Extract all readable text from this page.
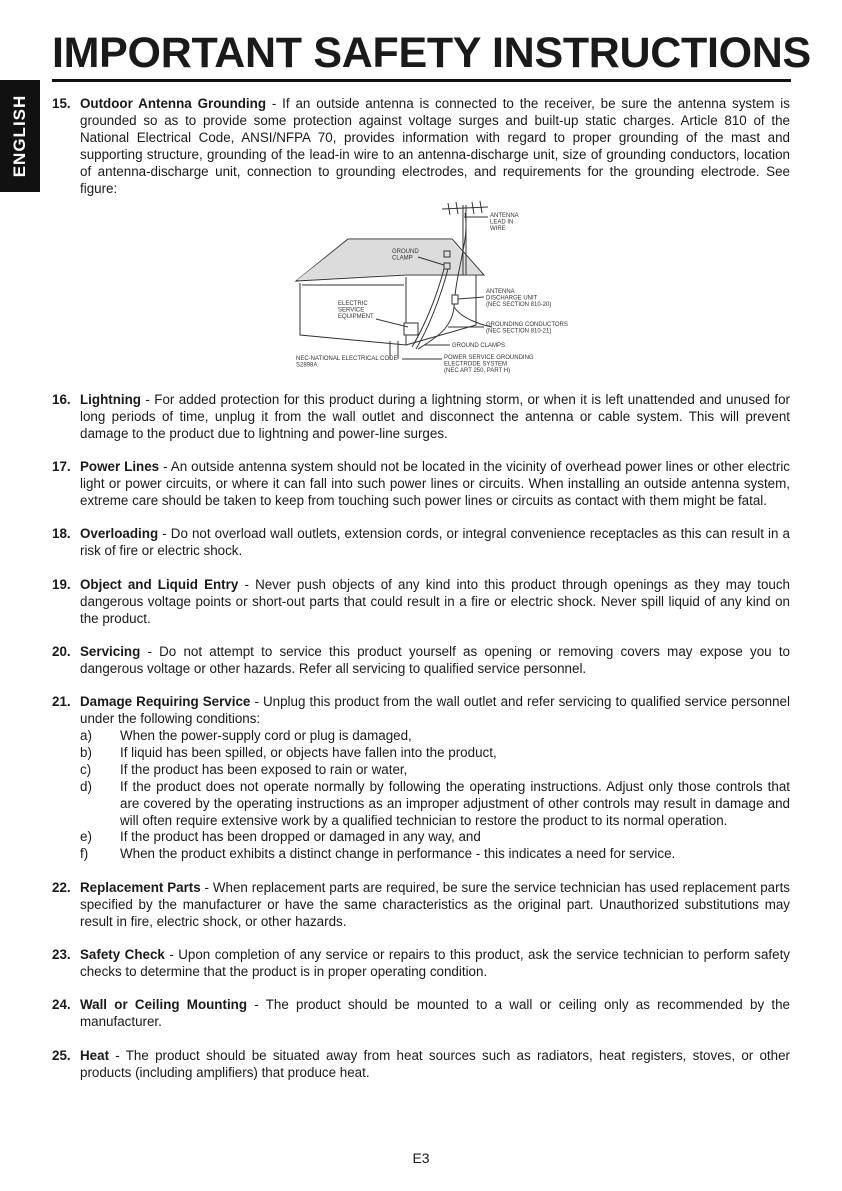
ENGLISH
IMPORTANT SAFETY INSTRUCTIONS
15. Outdoor Antenna Grounding - If an outside antenna is connected to the receiver, be sure the antenna system is grounded so as to provide some protection against voltage surges and built-up static charges. Article 810 of the National Electrical Code, ANSI/NFPA 70, provides information with regard to proper grounding of the mast and supporting structure, grounding of the lead-in wire to an antenna-discharge unit, size of grounding conductors, location of antenna-discharge unit, connection to grounding electrodes, and requirements for the grounding electrode. See figure:
ANTENNA LEAD IN WIRE
GROUND CLAMP
ANTENNA DISCHARGE UNIT (NEC SECTION 810-20)
ELECTRIC SERVICE EQUIPMENT
GROUNDING CONDUCTORS (NEC SECTION 810-21)
GROUND CLAMPS
NEC-NATIONAL ELECTRICAL CODE S2898A
POWER SERVICE GROUNDING ELECTRODE SYSTEM (NEC ART 250, PART H)
16. Lightning - For added protection for this product during a lightning storm, or when it is left unattended and unused for long periods of time, unplug it from the wall outlet and disconnect the antenna or cable system. This will prevent damage to the product due to lightning and power-line surges.
17. Power Lines - An outside antenna system should not be located in the vicinity of overhead power lines or other electric light or power circuits, or where it can fall into such power lines or circuits. When installing an outside antenna system, extreme care should be taken to keep from touching such power lines or circuits as contact with them might be fatal.
18. Overloading - Do not overload wall outlets, extension cords, or integral convenience receptacles as this can result in a risk of fire or electric shock.
19. Object and Liquid Entry - Never push objects of any kind into this product through openings as they may touch dangerous voltage points or short-out parts that could result in a fire or electric shock. Never spill liquid of any kind on the product.
20. Servicing - Do not attempt to service this product yourself as opening or removing covers may expose you to dangerous voltage or other hazards. Refer all servicing to qualified service personnel.
21. Damage Requiring Service - Unplug this product from the wall outlet and refer servicing to qualified service personnel under the following conditions:
a) When the power-supply cord or plug is damaged,
b) If liquid has been spilled, or objects have fallen into the product,
c) If the product has been exposed to rain or water,
d) If the product does not operate normally by following the operating instructions. Adjust only those controls that are covered by the operating instructions as an improper adjustment of other controls may result in damage and will often require extensive work by a qualified technician to restore the product to its normal operation.
e) If the product has been dropped or damaged in any way, and
f) When the product exhibits a distinct change in performance - this indicates a need for service.
22. Replacement Parts - When replacement parts are required, be sure the service technician has used replacement parts specified by the manufacturer or have the same characteristics as the original part. Unauthorized substitutions may result in fire, electric shock, or other hazards.
23. Safety Check - Upon completion of any service or repairs to this product, ask the service technician to perform safety checks to determine that the product is in proper operating condition.
24. Wall or Ceiling Mounting - The product should be mounted to a wall or ceiling only as recommended by the manufacturer.
25. Heat - The product should be situated away from heat sources such as radiators, heat registers, stoves, or other products (including amplifiers) that produce heat.
E3
